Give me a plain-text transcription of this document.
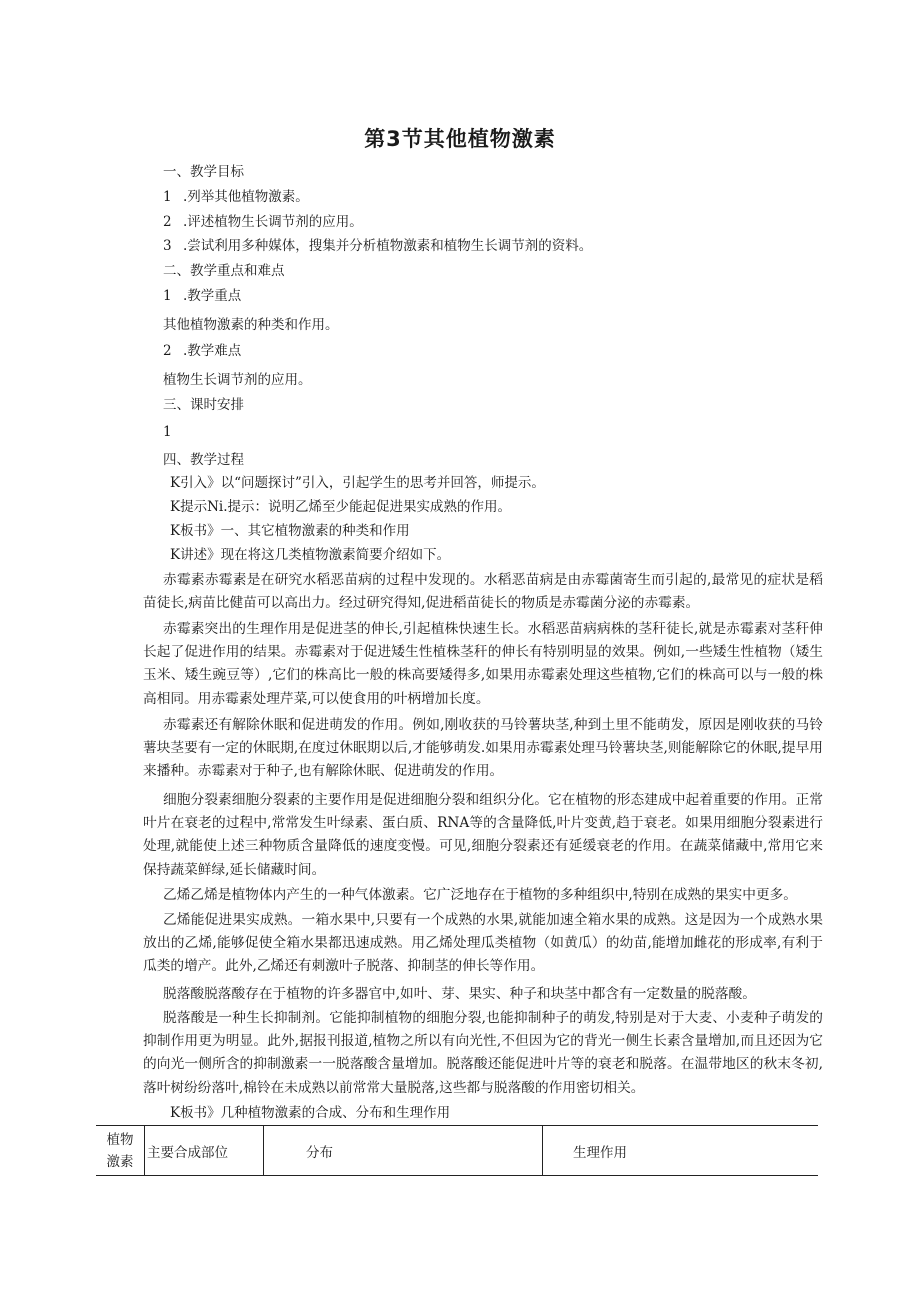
第3节其他植物激素
一、教学目标
1 .列举其他植物激素。
2 .评述植物生长调节剂的应用。
3 .尝试利用多种媒体，搜集并分析植物激素和植物生长调节剂的资料。
二、教学重点和难点
1 .教学重点
其他植物激素的种类和作用。
2 .教学难点
植物生长调节剂的应用。
三、课时安排
1
四、教学过程
K引入》以“问题探讨”引入，引起学生的思考并回答，师提示。
K提示Ni.提示：说明乙烯至少能起促进果实成熟的作用。
K板书》一、其它植物激素的种类和作用
K讲述》现在将这几类植物激素简要介绍如下。

赤霉素赤霉素是在研究水稻恶苗病的过程中发现的。水稻恶苗病是由赤霉菌寄生而引起的,最常见的症状是稻苗徒长,病苗比健苗可以高出力。经过研究得知,促进稻苗徒长的物质是赤霉菌分泌的赤霉素。

赤霉素突出的生理作用是促进茎的伸长,引起植株快速生长。水稻恶苗病病株的茎秆徒长,就是赤霉素对茎秆伸长起了促进作用的结果。赤霉素对于促进矮生性植株茎秆的伸长有特别明显的效果。例如,一些矮生性植物（矮生玉米、矮生豌豆等）,它们的株高比一般的株高要矮得多,如果用赤霉素处理这些植物,它们的株高可以与一般的株高相同。用赤霉素处理芹菜,可以使食用的叶柄增加长度。

赤霉素还有解除休眠和促进萌发的作用。例如,刚收获的马铃薯块茎,种到土里不能萌发，原因是刚收获的马铃薯块茎要有一定的休眠期,在度过休眠期以后,才能够萌发.如果用赤霉素处理马铃薯块茎,则能解除它的休眠,提早用来播种。赤霉素对于种子,也有解除休眠、促进萌发的作用。

细胞分裂素细胞分裂素的主要作用是促进细胞分裂和组织分化。它在植物的形态建成中起着重要的作用。正常叶片在衰老的过程中,常常发生叶绿素、蛋白质、RNA等的含量降低,叶片变黄,趋于衰老。如果用细胞分裂素进行处理,就能使上述三种物质含量降低的速度变慢。可见,细胞分裂素还有延缓衰老的作用。在蔬菜储藏中,常用它来保持蔬菜鲜绿,延长储藏时间。

乙烯乙烯是植物体内产生的一种气体激素。它广泛地存在于植物的多种组织中,特别在成熟的果实中更多。

乙烯能促进果实成熟。一箱水果中,只要有一个成熟的水果,就能加速全箱水果的成熟。这是因为一个成熟水果放出的乙烯,能够促使全箱水果都迅速成熟。用乙烯处理瓜类植物（如黄瓜）的幼苗,能增加雌花的形成率,有利于瓜类的增产。此外,乙烯还有刺激叶子脱落、抑制茎的伸长等作用。

脱落酸脱落酸存在于植物的许多器官中,如叶、芽、果实、种子和块茎中都含有一定数量的脱落酸。

脱落酸是一种生长抑制剂。它能抑制植物的细胞分裂,也能抑制种子的萌发,特别是对于大麦、小麦种子萌发的抑制作用更为明显。此外,据报刊报道,植物之所以有向光性,不但因为它的背光一侧生长素含量增加,而且还因为它的向光一侧所含的抑制激素一一脱落酸含量增加。脱落酸还能促进叶片等的衰老和脱落。在温带地区的秋末冬初,落叶树纷纷落叶,棉铃在未成熟以前常常大量脱落,这些都与脱落酸的作用密切相关。

K板书》几种植物激素的合成、分布和生理作用
植物激素	主要合成部位	分布	生理作用
